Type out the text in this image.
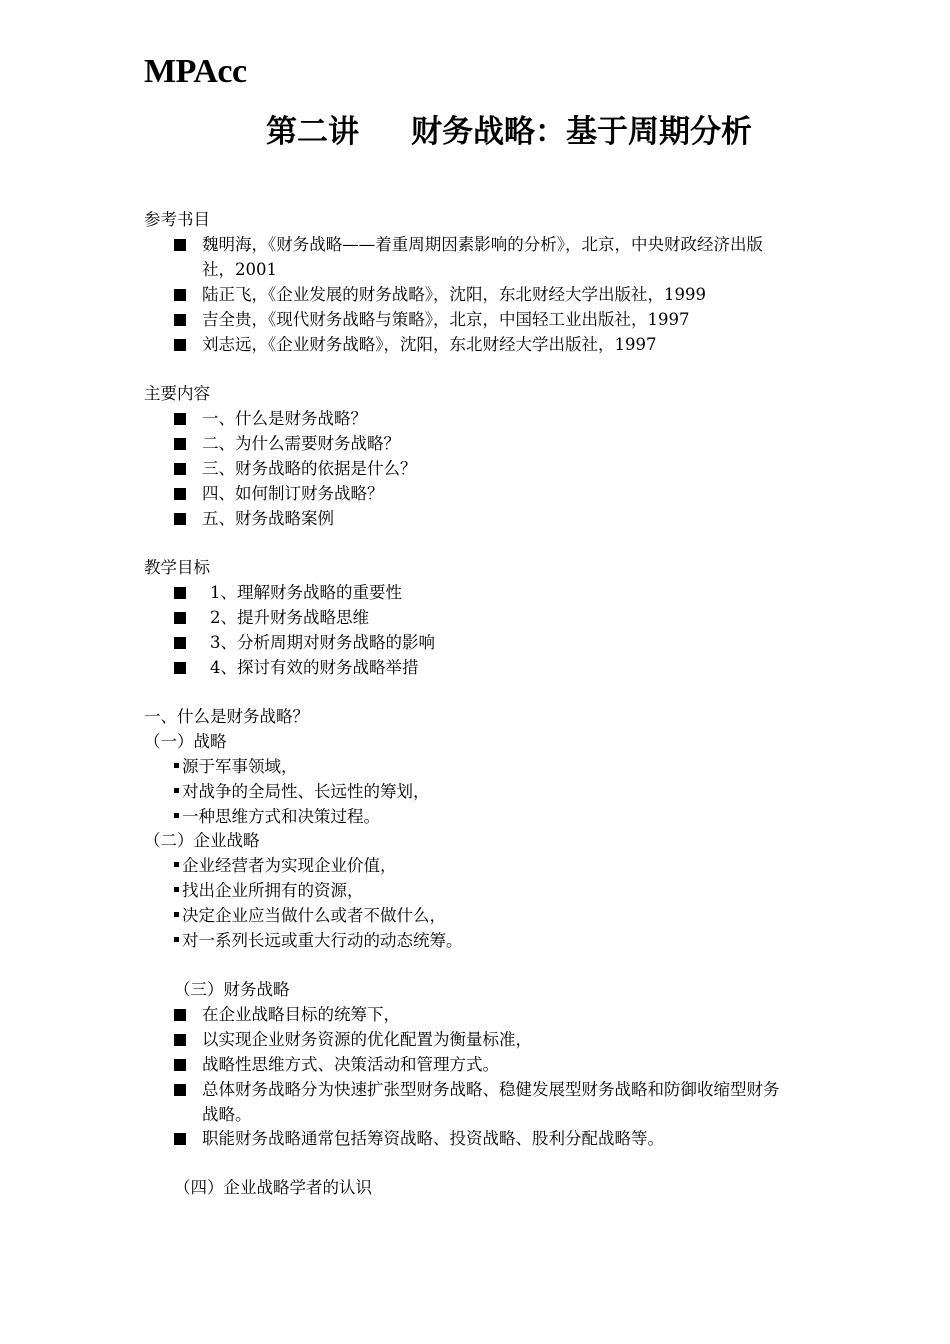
MPAcc
第二讲 财务战略：基于周期分析
参考书目
魏明海，《财务战略——着重周期因素影响的分析》，北京，中央财政经济出版
社，2001
陆正飞，《企业发展的财务战略》，沈阳，东北财经大学出版社，1999
吉全贵，《现代财务战略与策略》，北京，中国轻工业出版社，1997
刘志远，《企业财务战略》，沈阳，东北财经大学出版社，1997
主要内容
一、什么是财务战略？
二、为什么需要财务战略？
三、财务战略的依据是什么？
四、如何制订财务战略？
五、财务战略案例
教学目标
1、理解财务战略的重要性
2、提升财务战略思维
3、分析周期对财务战略的影响
4、探讨有效的财务战略举措
一、什么是财务战略？
（一）战略
源于军事领域，
对战争的全局性、长远性的筹划，
一种思维方式和决策过程。
（二）企业战略
企业经营者为实现企业价值，
找出企业所拥有的资源，
决定企业应当做什么或者不做什么，
对一系列长远或重大行动的动态统筹。
（三）财务战略
在企业战略目标的统筹下，
以实现企业财务资源的优化配置为衡量标准，
战略性思维方式、决策活动和管理方式。
总体财务战略分为快速扩张型财务战略、稳健发展型财务战略和防御收缩型财务
战略。
职能财务战略通常包括筹资战略、投资战略、股利分配战略等。
（四）企业战略学者的认识
